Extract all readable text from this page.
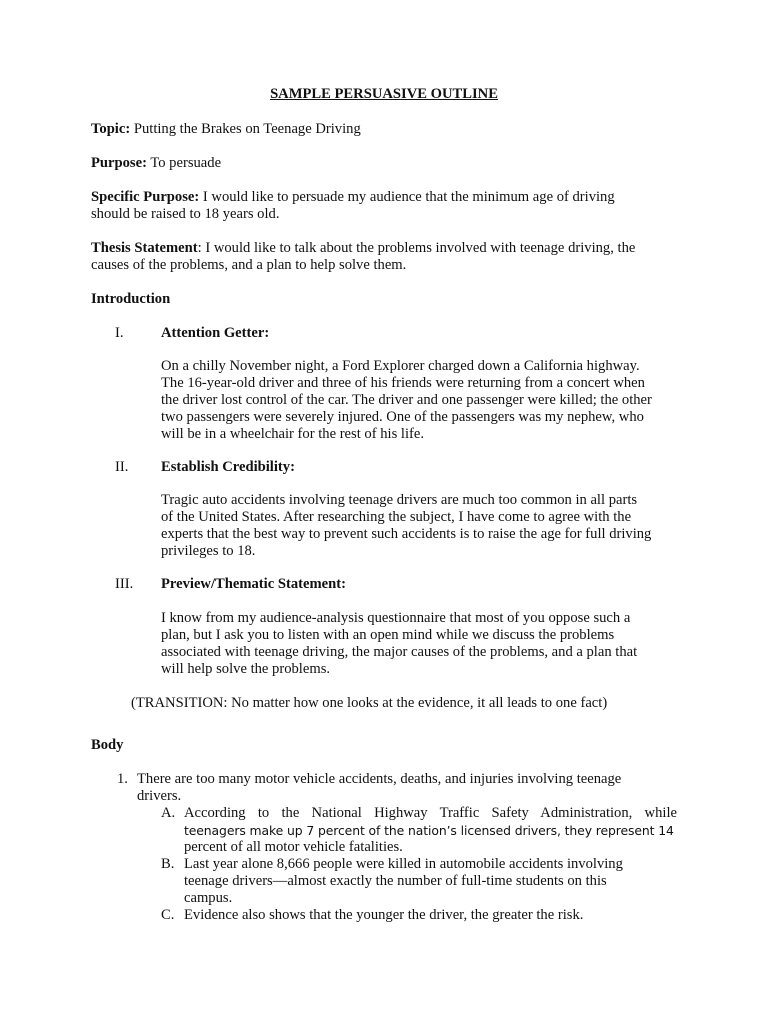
SAMPLE PERSUASIVE OUTLINE
Topic: Putting the Brakes on Teenage Driving
Purpose: To persuade
Specific Purpose: I would like to persuade my audience that the minimum age of driving
should be raised to 18 years old.
Thesis Statement: I would like to talk about the problems involved with teenage driving, the
causes of the problems, and a plan to help solve them.
Introduction
I.	Attention Getter:
On a chilly November night, a Ford Explorer charged down a California highway.
The 16-year-old driver and three of his friends were returning from a concert when
the driver lost control of the car. The driver and one passenger were killed; the other
two passengers were severely injured. One of the passengers was my nephew, who
will be in a wheelchair for the rest of his life.
II. Establish Credibility:
Tragic auto accidents involving teenage drivers are much too common in all parts
of the United States. After researching the subject, I have come to agree with the
experts that the best way to prevent such accidents is to raise the age for full driving
privileges to 18.
III. Preview/Thematic Statement:
I know from my audience-analysis questionnaire that most of you oppose such a
plan, but I ask you to listen with an open mind while we discuss the problems
associated with teenage driving, the major causes of the problems, and a plan that
will help solve the problems.
(TRANSITION: No matter how one looks at the evidence, it all leads to one fact)
Body
1. There are too many motor vehicle accidents, deaths, and injuries involving teenage
drivers.
A. According to the National Highway Traffic Safety Administration, while
teenagers make up 7 percent of the nation’s licensed drivers, they represent 14
percent of all motor vehicle fatalities.
B. Last year alone 8,666 people were killed in automobile accidents involving
teenage drivers—almost exactly the number of full-time students on this
campus.
C. Evidence also shows that the younger the driver, the greater the risk.
